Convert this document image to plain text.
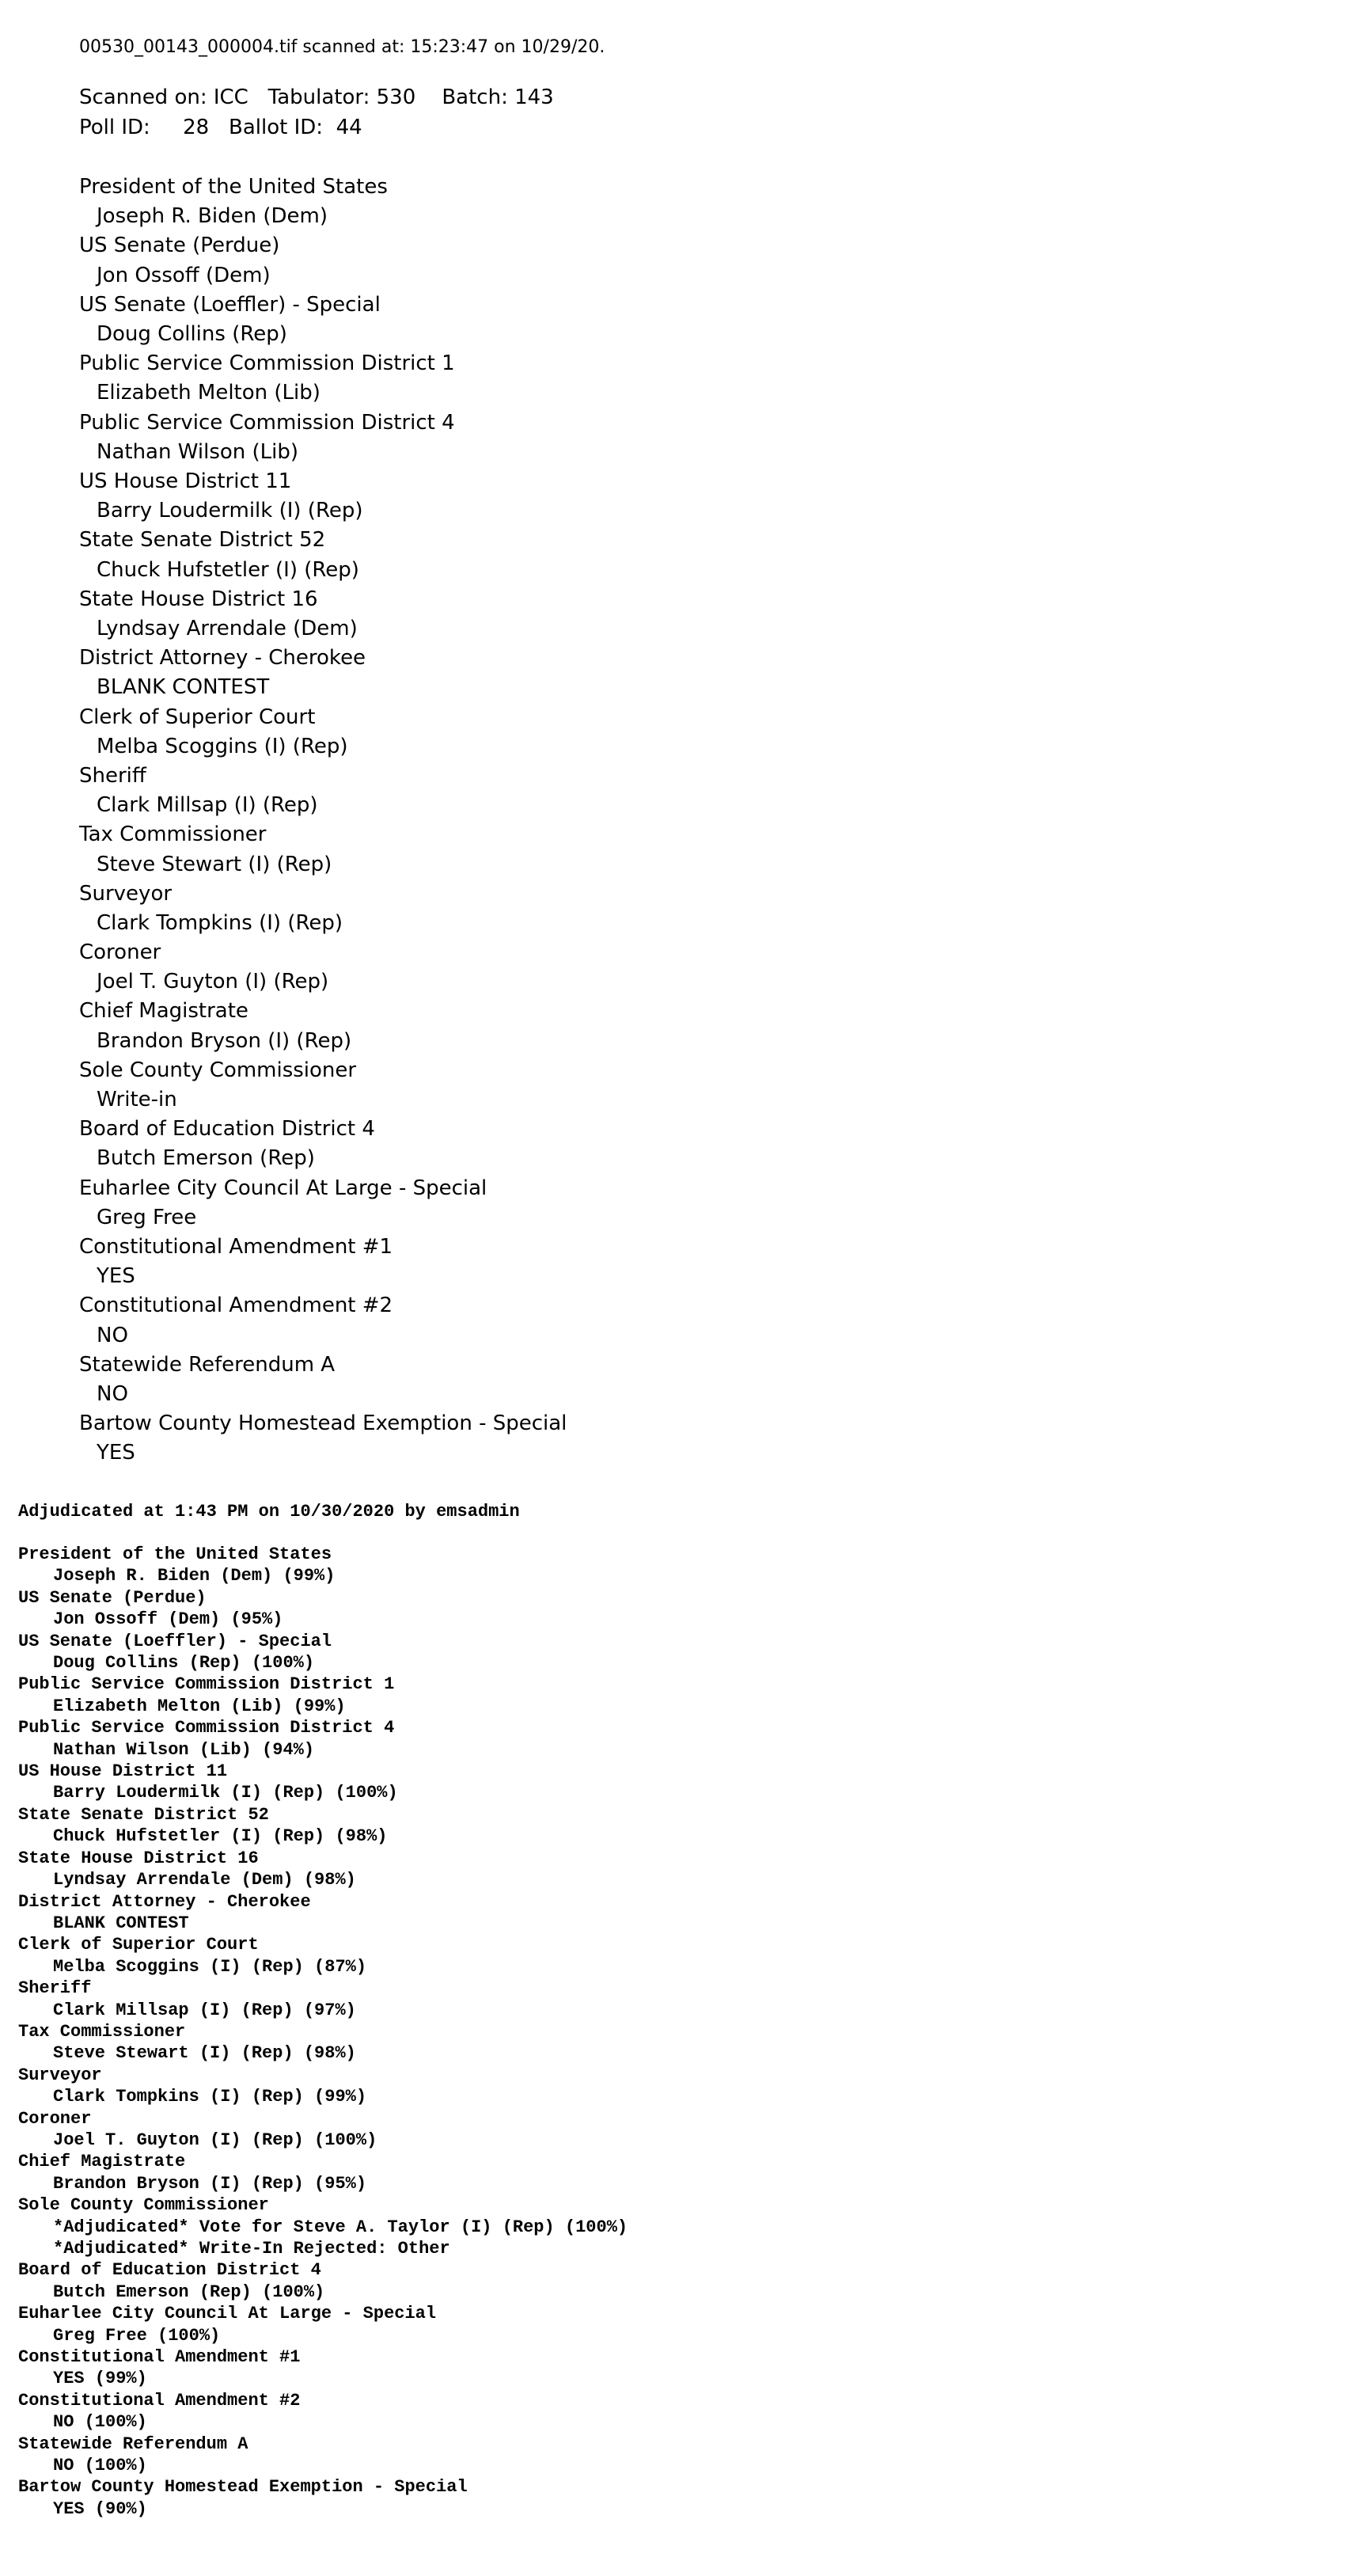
00530_00143_000004.tif scanned at: 15:23:47 on 10/29/20.
Scanned on: ICC   Tabulator: 530    Batch: 143
Poll ID:     28   Ballot ID:  44
President of the United States
Joseph R. Biden (Dem)
US Senate (Perdue)
Jon Ossoff (Dem)
US Senate (Loeffler) - Special
Doug Collins (Rep)
Public Service Commission District 1
Elizabeth Melton (Lib)
Public Service Commission District 4
Nathan Wilson (Lib)
US House District 11
Barry Loudermilk (I) (Rep)
State Senate District 52
Chuck Hufstetler (I) (Rep)
State House District 16
Lyndsay Arrendale (Dem)
District Attorney - Cherokee
BLANK CONTEST
Clerk of Superior Court
Melba Scoggins (I) (Rep)
Sheriff
Clark Millsap (I) (Rep)
Tax Commissioner
Steve Stewart (I) (Rep)
Surveyor
Clark Tompkins (I) (Rep)
Coroner
Joel T. Guyton (I) (Rep)
Chief Magistrate
Brandon Bryson (I) (Rep)
Sole County Commissioner
Write-in
Board of Education District 4
Butch Emerson (Rep)
Euharlee City Council At Large - Special
Greg Free
Constitutional Amendment #1
YES
Constitutional Amendment #2
NO
Statewide Referendum A
NO
Bartow County Homestead Exemption - Special
YES
Adjudicated at 1:43 PM on 10/30/2020 by emsadmin
President of the United States
Joseph R. Biden (Dem) (99%)
US Senate (Perdue)
Jon Ossoff (Dem) (95%)
US Senate (Loeffler) - Special
Doug Collins (Rep) (100%)
Public Service Commission District 1
Elizabeth Melton (Lib) (99%)
Public Service Commission District 4
Nathan Wilson (Lib) (94%)
US House District 11
Barry Loudermilk (I) (Rep) (100%)
State Senate District 52
Chuck Hufstetler (I) (Rep) (98%)
State House District 16
Lyndsay Arrendale (Dem) (98%)
District Attorney - Cherokee
BLANK CONTEST
Clerk of Superior Court
Melba Scoggins (I) (Rep) (87%)
Sheriff
Clark Millsap (I) (Rep) (97%)
Tax Commissioner
Steve Stewart (I) (Rep) (98%)
Surveyor
Clark Tompkins (I) (Rep) (99%)
Coroner
Joel T. Guyton (I) (Rep) (100%)
Chief Magistrate
Brandon Bryson (I) (Rep) (95%)
Sole County Commissioner
*Adjudicated* Vote for Steve A. Taylor (I) (Rep) (100%)
*Adjudicated* Write-In Rejected: Other
Board of Education District 4
Butch Emerson (Rep) (100%)
Euharlee City Council At Large - Special
Greg Free (100%)
Constitutional Amendment #1
YES (99%)
Constitutional Amendment #2
NO (100%)
Statewide Referendum A
NO (100%)
Bartow County Homestead Exemption - Special
YES (90%)
